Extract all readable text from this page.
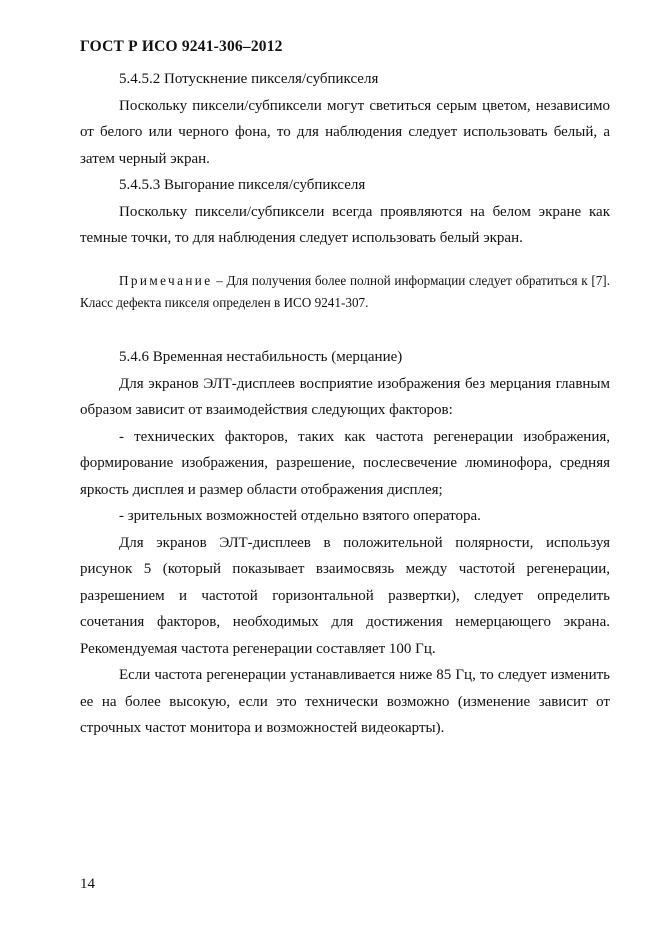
ГОСТ Р ИСО 9241-306–2012

5.4.5.2 Потускнение пикселя/субпикселя

Поскольку пиксели/субпиксели могут светиться серым цветом, независимо от белого или черного фона, то для наблюдения следует использовать белый, а затем черный экран.

5.4.5.3 Выгорание пикселя/субпикселя

Поскольку пиксели/субпиксели всегда проявляются на белом экране как темные точки, то для наблюдения следует использовать белый экран.

Примечание – Для получения более полной информации следует обратиться к [7]. Класс дефекта пикселя определен в ИСО 9241-307.

5.4.6 Временная нестабильность (мерцание)

Для экранов ЭЛТ-дисплеев восприятие изображения без мерцания главным образом зависит от взаимодействия следующих факторов:

- технических факторов, таких как частота регенерации изображения, формирование изображения, разрешение, послесвечение люминофора, средняя яркость дисплея и размер области отображения дисплея;

- зрительных возможностей отдельно взятого оператора.

Для экранов ЭЛТ-дисплеев в положительной полярности, используя рисунок 5 (который показывает взаимосвязь между частотой регенерации, разрешением и частотой горизонтальной развертки), следует определить сочетания факторов, необходимых для достижения немерцающего экрана. Рекомендуемая частота регенерации составляет 100 Гц.

Если частота регенерации устанавливается ниже 85 Гц, то следует изменить ее на более высокую, если это технически возможно (изменение зависит от строчных частот монитора и возможностей видеокарты).

14
